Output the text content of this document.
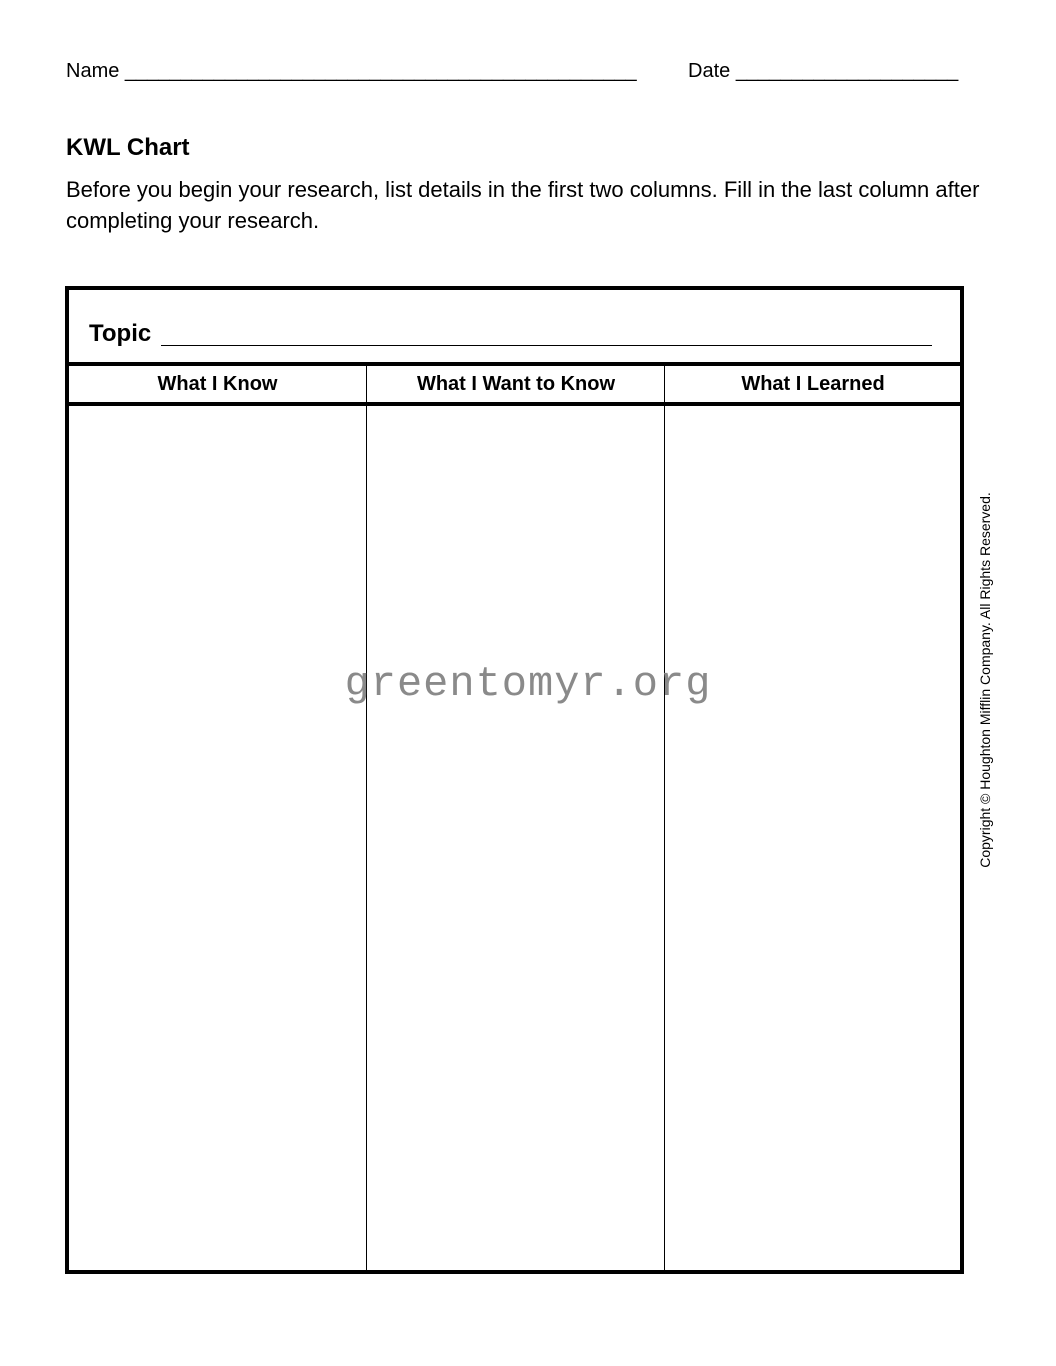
Name ______________________________________________	Date ____________________
KWL Chart

Before you begin your research, list details in the first two columns. Fill in the last column after completing your research.

Topic
What I Know	What I Want to Know	What I Learned
greentomyr.org	Copyright © Houghton Mifflin Company. All Rights Reserved.
